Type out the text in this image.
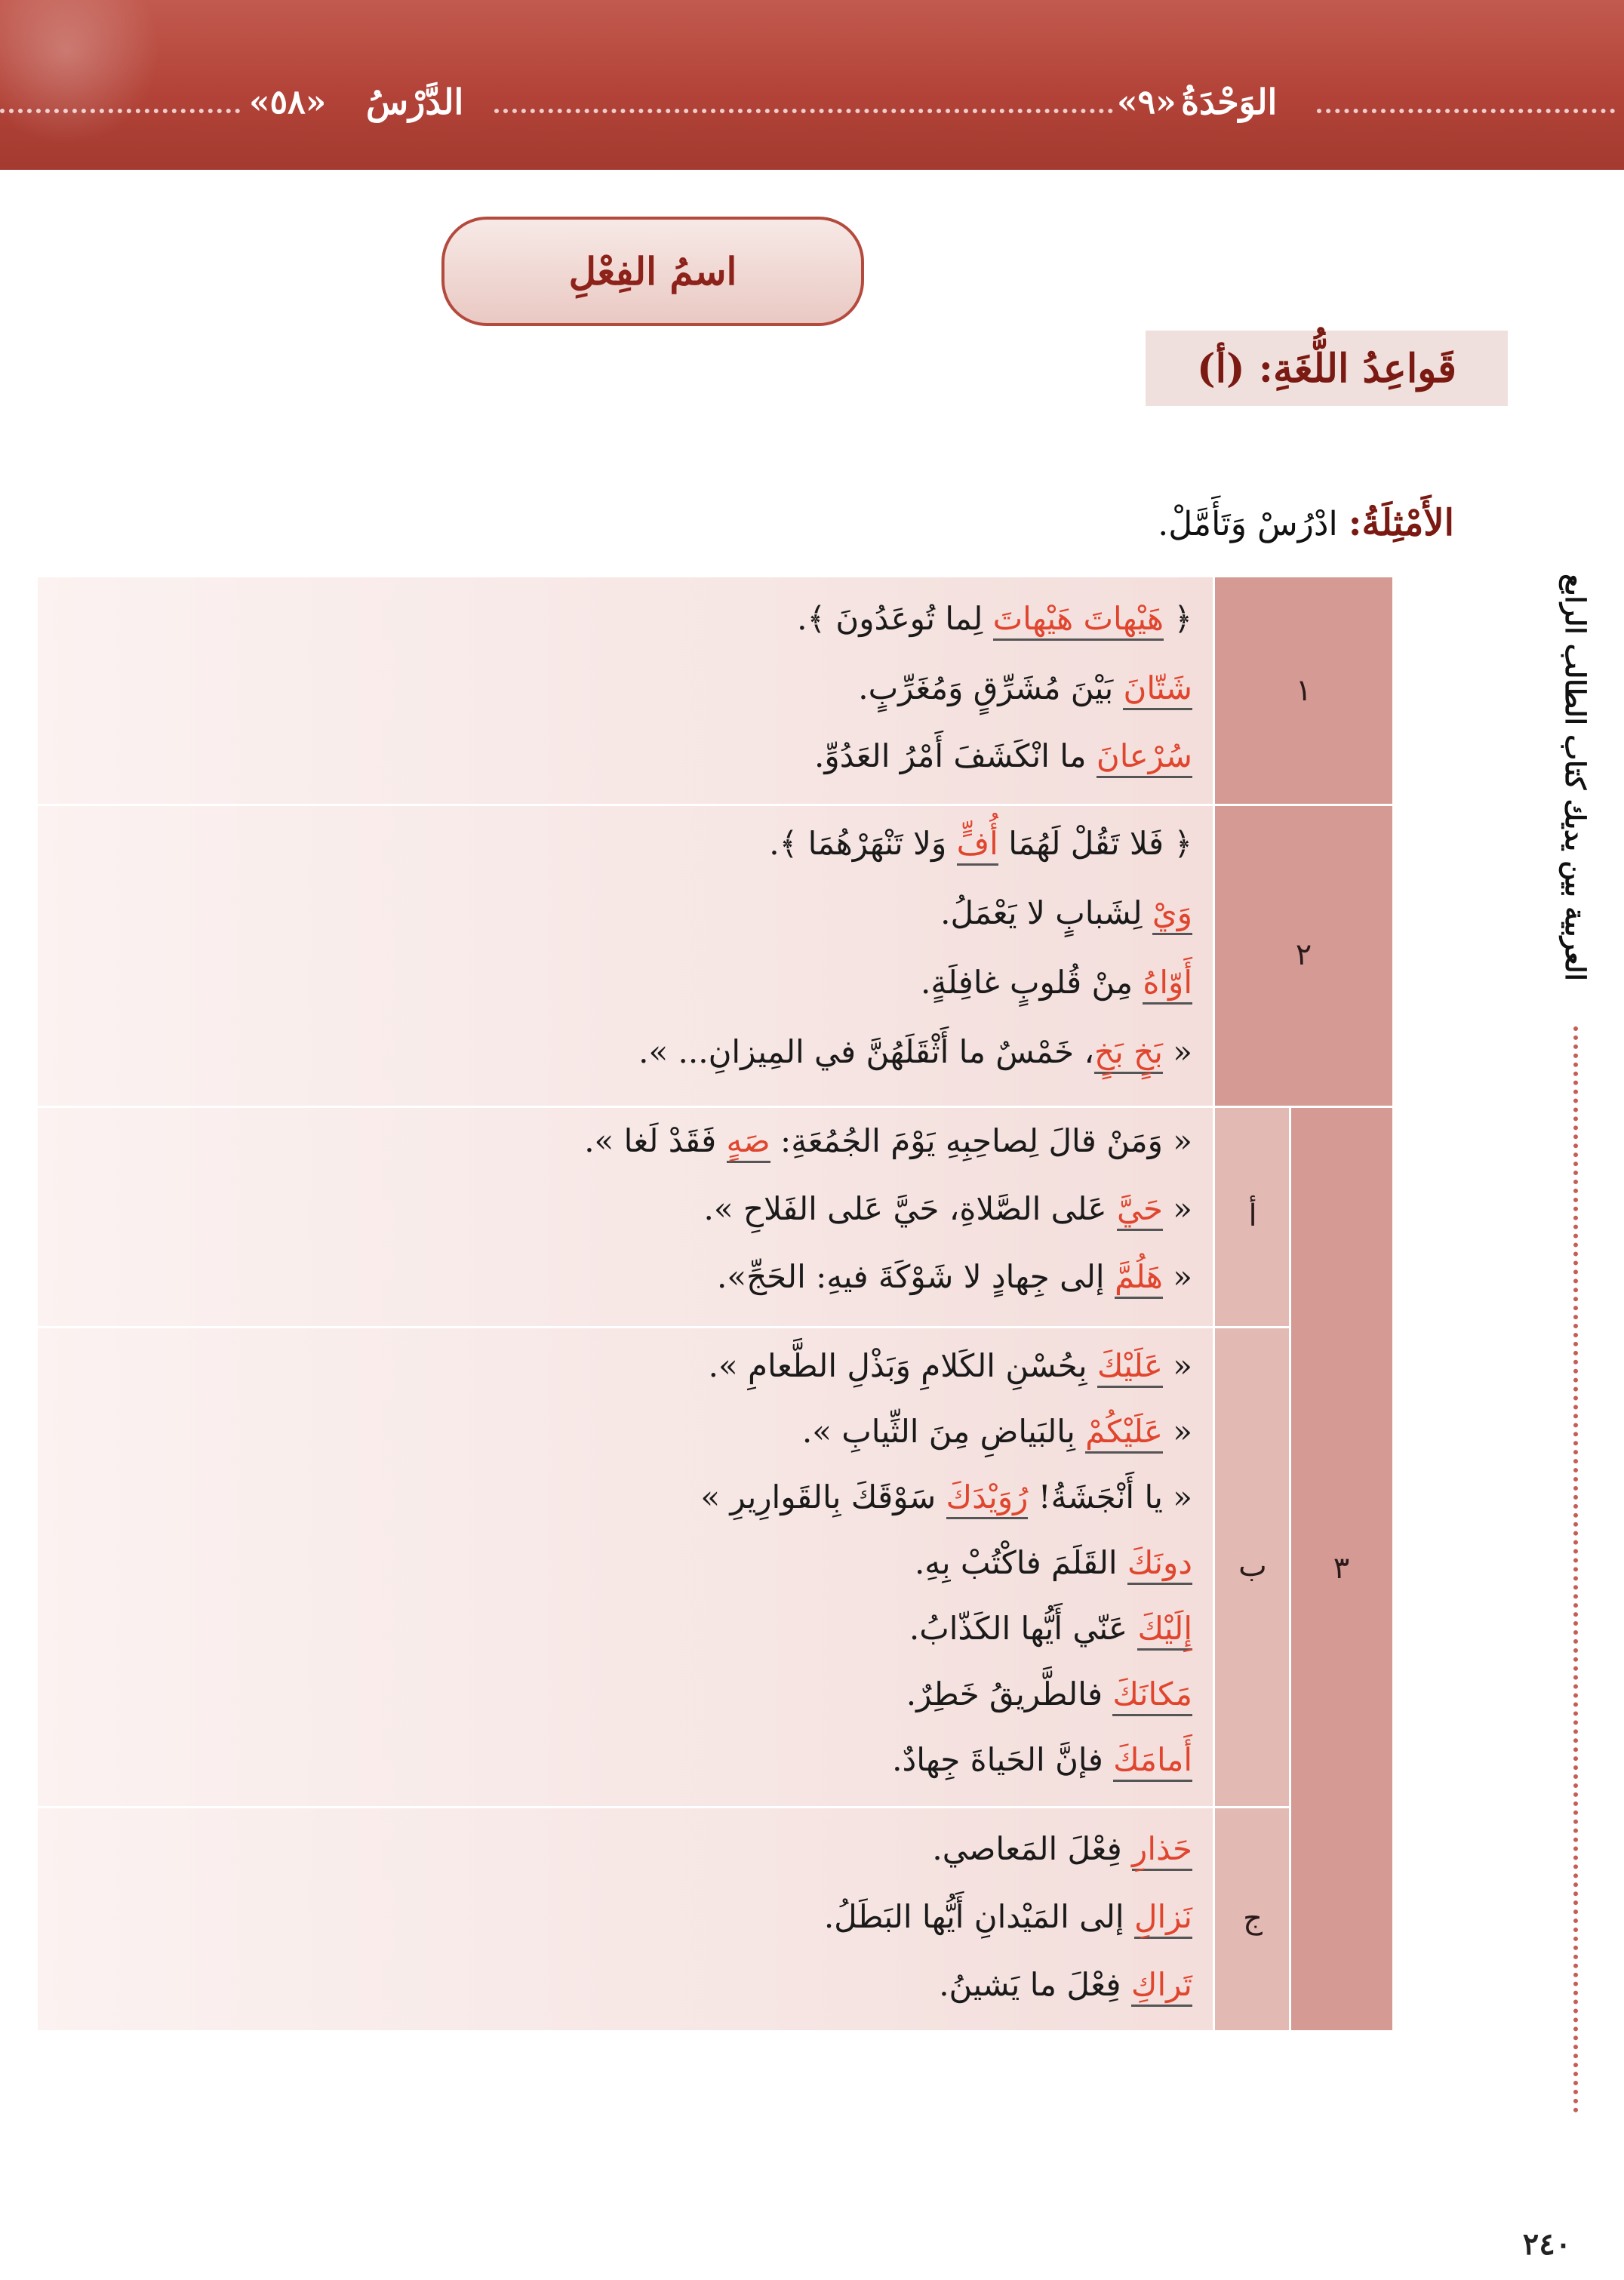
الوَحْدَةُ
«٩»
الدَّرْسُ
«٥٨»
اسمُ الفِعْلِ
قَواعِدُ اللُّغَةِ: (أ)
العربية بين يديك كتاب الطالب الرابع
الأَمْثِلَةُ: ادْرُسْ وَتَأَمَّلْ.
١
٢
٣
أ
ب
ج
﴿ هَيْهاتَ هَيْهاتَ لِما تُوعَدُونَ ﴾.
شَتّانَ بَيْنَ مُشَرِّقٍ وَمُغَرِّبٍ.
سُرْعانَ ما انْكَشَفَ أَمْرُ العَدُوِّ.
﴿ فَلا تَقُلْ لَهُمَا أُفٍّ وَلا تَنْهَرْهُمَا ﴾.
وَيْ لِشَبابٍ لا يَعْمَلُ.
أَوّاهُ مِنْ قُلوبٍ غافِلَةٍ.
« بَخٍ بَخٍ، خَمْسٌ ما أَثْقَلَهُنَّ في المِيزانِ... ».
« وَمَنْ قالَ لِصاحِبِهِ يَوْمَ الجُمُعَةِ: صَهٍ فَقَدْ لَغا ».
« حَيَّ عَلى الصَّلاةِ، حَيَّ عَلى الفَلاحِ ».
« هَلُمَّ إلى جِهادٍ لا شَوْكَةَ فيهِ: الحَجِّ».
« عَلَيْكَ بِحُسْنِ الكَلامِ وَبَذْلِ الطَّعامِ ».
« عَلَيْكُمْ بِالبَياضِ مِنَ الثِّيابِ ».
« يا أَنْجَشَةُ! رُوَيْدَكَ سَوْقَكَ بِالقَوارِيرِ »
دونَكَ القَلَمَ فاكْتُبْ بِهِ.
إِلَيْكَ عَنّي أَيُّها الكَذّابُ.
مَكانَكَ فالطَّريقُ خَطِرٌ.
أَمامَكَ فإنَّ الحَياةَ جِهادٌ.
حَذارِ فِعْلَ المَعاصي.
نَزالِ إلى المَيْدانِ أَيُّها البَطَلُ.
تَراكِ فِعْلَ ما يَشينُ.
٢٤٠
